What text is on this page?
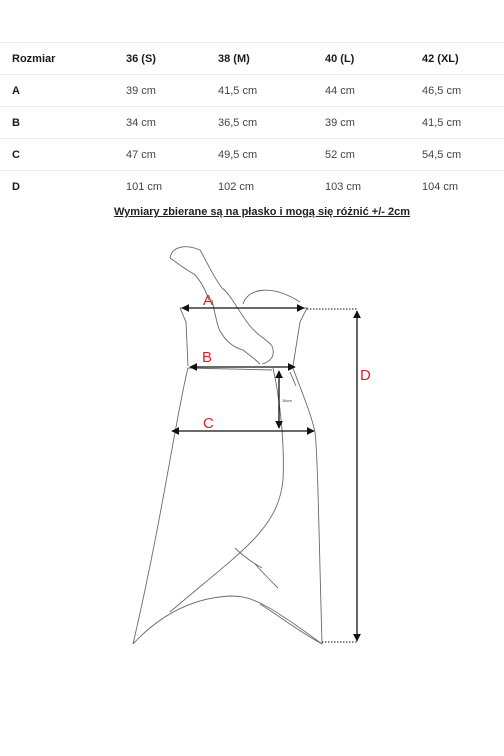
Rozmiar	36 (S)	38 (M)	40 (L)	42 (XL)
A	39 cm	41,5 cm	44 cm	46,5 cm
B	34 cm	36,5 cm	39 cm	41,5 cm
C	47 cm	49,5 cm	52 cm	54,5 cm
D	101 cm	102 cm	103 cm	104 cm
Wymiary zbierane są na płasko i mogą się różnić +/- 2cm
A
B
C
D
18cm
